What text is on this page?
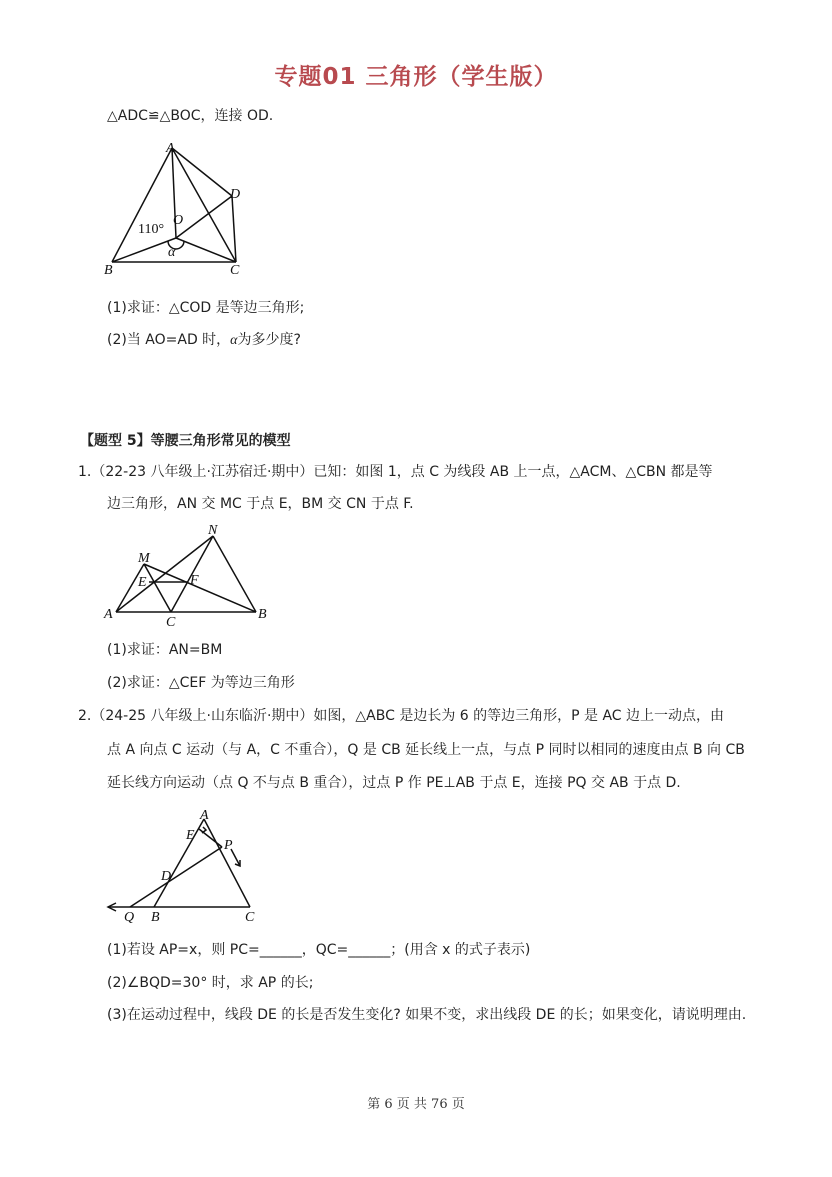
专题01 三角形（学生版）
△ADC≌△BOC，连接 OD.
A
B	C
D
O
α
110°
(1)求证：△COD 是等边三角形;
(2)当 AO=AD 时，α为多少度?
【题型 5】等腰三角形常见的模型
1.（22-23 八年级上·江苏宿迁·期中）已知：如图 1，点 C 为线段 AB 上一点，△ACM、△CBN 都是等
边三角形，AN 交 MC 于点 E，BM 交 CN 于点 F.
A	B
C
M
N
E	F
(1)求证：AN=BM
(2)求证：△CEF 为等边三角形
2.（24-25 八年级上·山东临沂·期中）如图，△ABC 是边长为 6 的等边三角形，P 是 AC 边上一动点，由
点 A 向点 C 运动（与 A，C 不重合），Q 是 CB 延长线上一点，与点 P 同时以相同的速度由点 B 向 CB
延长线方向运动（点 Q 不与点 B 重合），过点 P 作 PE⊥AB 于点 E，连接 PQ 交 AB 于点 D.
A
B	C
D
E
P
Q
(1)若设 AP=x，则 PC=______，QC=______；(用含 x 的式子表示)
(2)∠BQD=30° 时，求 AP 的长;
(3)在运动过程中，线段 DE 的长是否发生变化? 如果不变，求出线段 DE 的长；如果变化，请说明理由.
第 6 页 共 76 页
